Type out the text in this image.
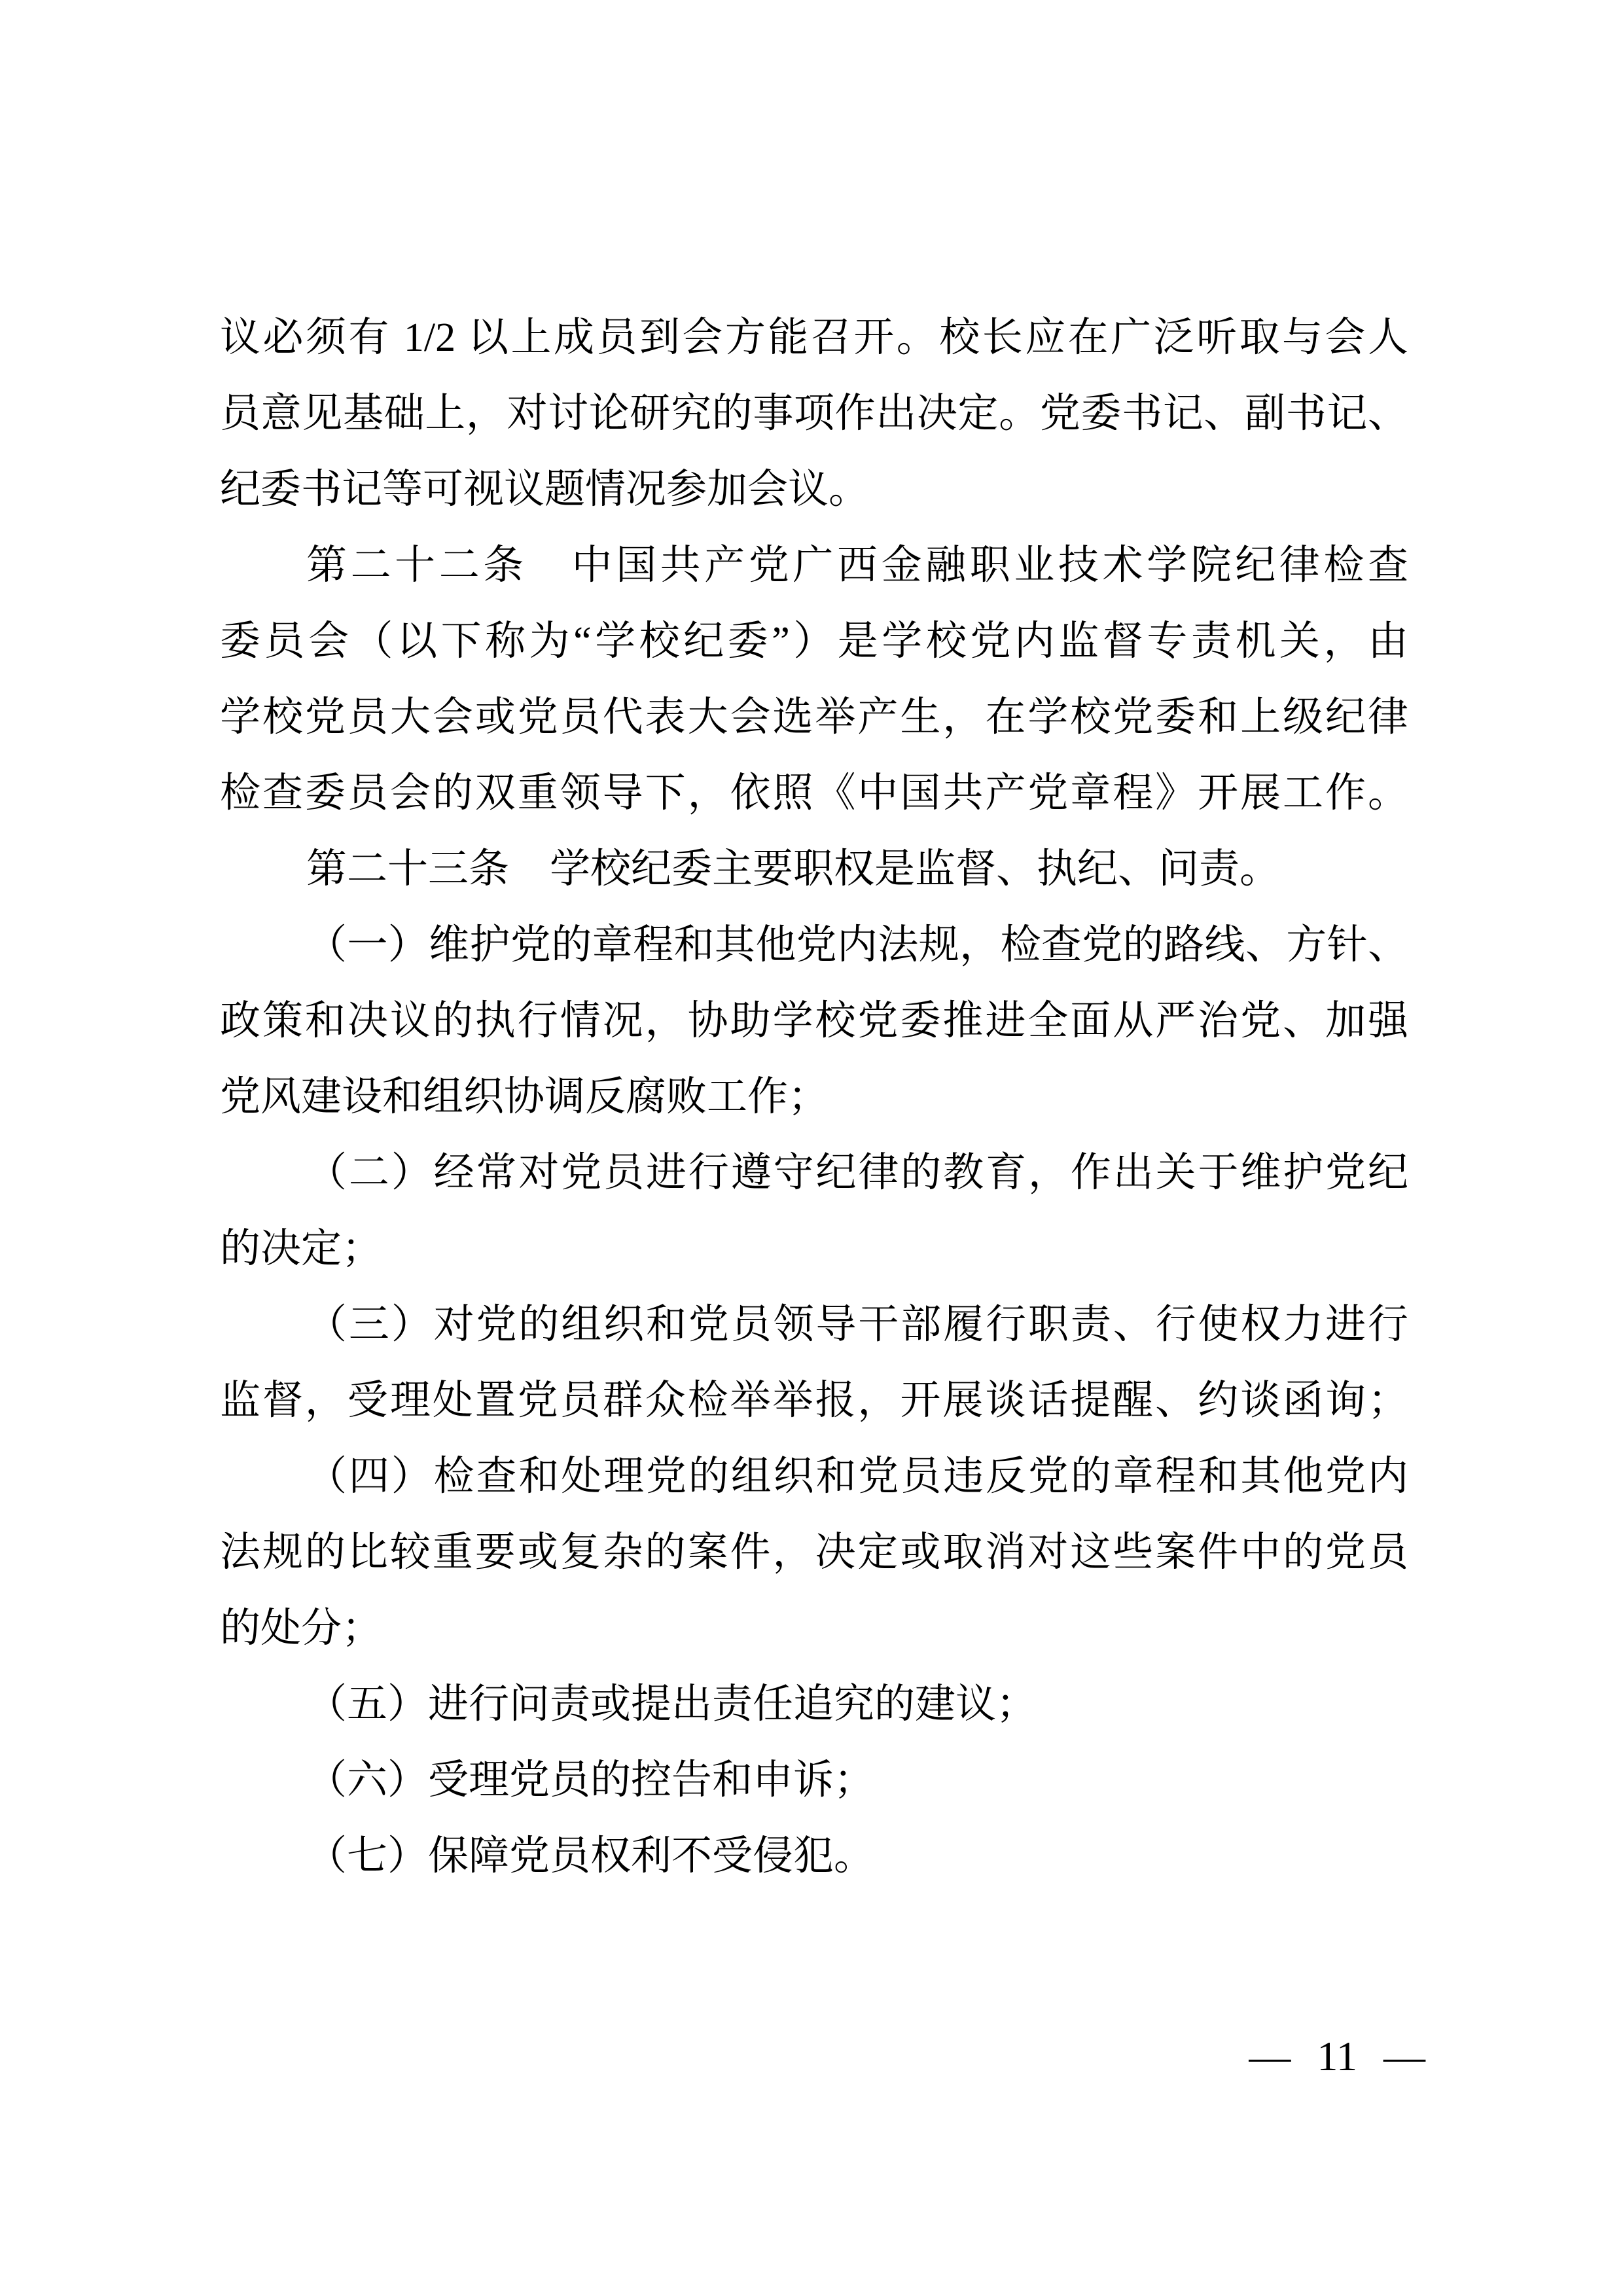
议必须有 1/2 以上成员到会方能召开。校长应在广泛听取与会人
员意见基础上，对讨论研究的事项作出决定。党委书记、副书记、
纪委书记等可视议题情况参加会议。
第二十二条　中国共产党广西金融职业技术学院纪律检查
委员会（以下称为“学校纪委”）是学校党内监督专责机关，由
学校党员大会或党员代表大会选举产生，在学校党委和上级纪律
检查委员会的双重领导下，依照《中国共产党章程》开展工作。
第二十三条　学校纪委主要职权是监督、执纪、问责。
（一）维护党的章程和其他党内法规，检查党的路线、方针、
政策和决议的执行情况，协助学校党委推进全面从严治党、加强
党风建设和组织协调反腐败工作；
（二）经常对党员进行遵守纪律的教育，作出关于维护党纪
的决定；
（三）对党的组织和党员领导干部履行职责、行使权力进行
监督，受理处置党员群众检举举报，开展谈话提醒、约谈函询；
（四）检查和处理党的组织和党员违反党的章程和其他党内
法规的比较重要或复杂的案件，决定或取消对这些案件中的党员
的处分；
（五）进行问责或提出责任追究的建议；
（六）受理党员的控告和申诉；
（七）保障党员权利不受侵犯。
— 11 —
